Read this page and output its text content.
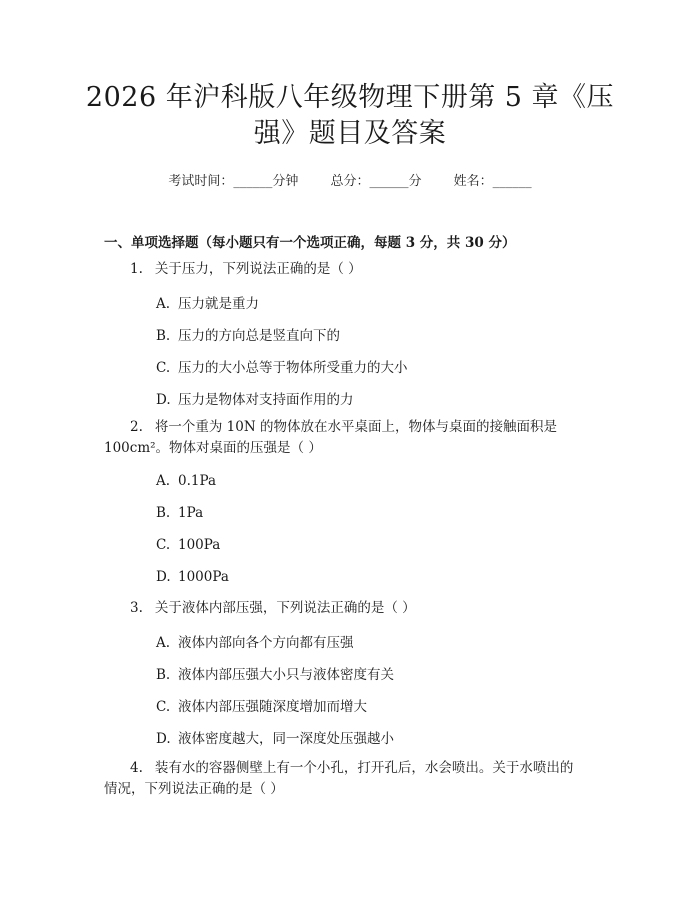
2026 年沪科版八年级物理下册第 5 章《压
强》题目及答案
考试时间：______分钟 总分：______分 姓名：______
一、单项选择题（每小题只有一个选项正确，每题 3 分，共 30 分）
1. 关于压力，下列说法正确的是（ ）
A. 压力就是重力
B. 压力的方向总是竖直向下的
C. 压力的大小总等于物体所受重力的大小
D. 压力是物体对支持面作用的力
2. 将一个重为 10N 的物体放在水平桌面上，物体与桌面的接触面积是 100cm²。物体对桌面的压强是（ ）
A. 0.1Pa
B. 1Pa
C. 100Pa
D. 1000Pa
3. 关于液体内部压强，下列说法正确的是（ ）
A. 液体内部向各个方向都有压强
B. 液体内部压强大小只与液体密度有关
C. 液体内部压强随深度增加而增大
D. 液体密度越大，同一深度处压强越小
4. 装有水的容器侧壁上有一个小孔，打开孔后，水会喷出。关于水喷出的情况，下列说法正确的是（ ）
